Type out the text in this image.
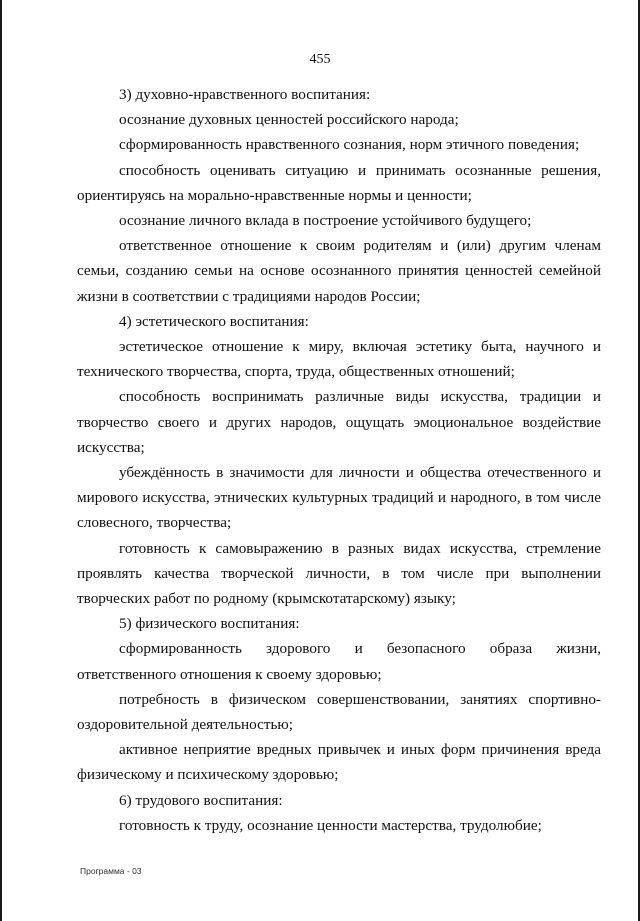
455

3) духовно-нравственного воспитания:

осознание духовных ценностей российского народа;

сформированность нравственного сознания, норм этичного поведения;

способность оценивать ситуацию и принимать осознанные решения, ориентируясь на морально-нравственные нормы и ценности;

осознание личного вклада в построение устойчивого будущего;

ответственное отношение к своим родителям и (или) другим членам семьи, созданию семьи на основе осознанного принятия ценностей семейной жизни в соответствии с традициями народов России;

4) эстетического воспитания:

эстетическое отношение к миру, включая эстетику быта, научного и технического творчества, спорта, труда, общественных отношений;

способность воспринимать различные виды искусства, традиции и творчество своего и других народов, ощущать эмоциональное воздействие искусства;

убеждённость в значимости для личности и общества отечественного и мирового искусства, этнических культурных традиций и народного, в том числе словесного, творчества;

готовность к самовыражению в разных видах искусства, стремление проявлять качества творческой личности, в том числе при выполнении творческих работ по родному (крымскотатарскому) языку;

5) физического воспитания:

сформированность здорового и безопасного образа жизни, ответственного отношения к своему здоровью;

потребность в физическом совершенствовании, занятиях спортивно-оздоровительной деятельностью;

активное неприятие вредных привычек и иных форм причинения вреда физическому и психическому здоровью;

6) трудового воспитания:

готовность к труду, осознание ценности мастерства, трудолюбие;

Программа - 03
